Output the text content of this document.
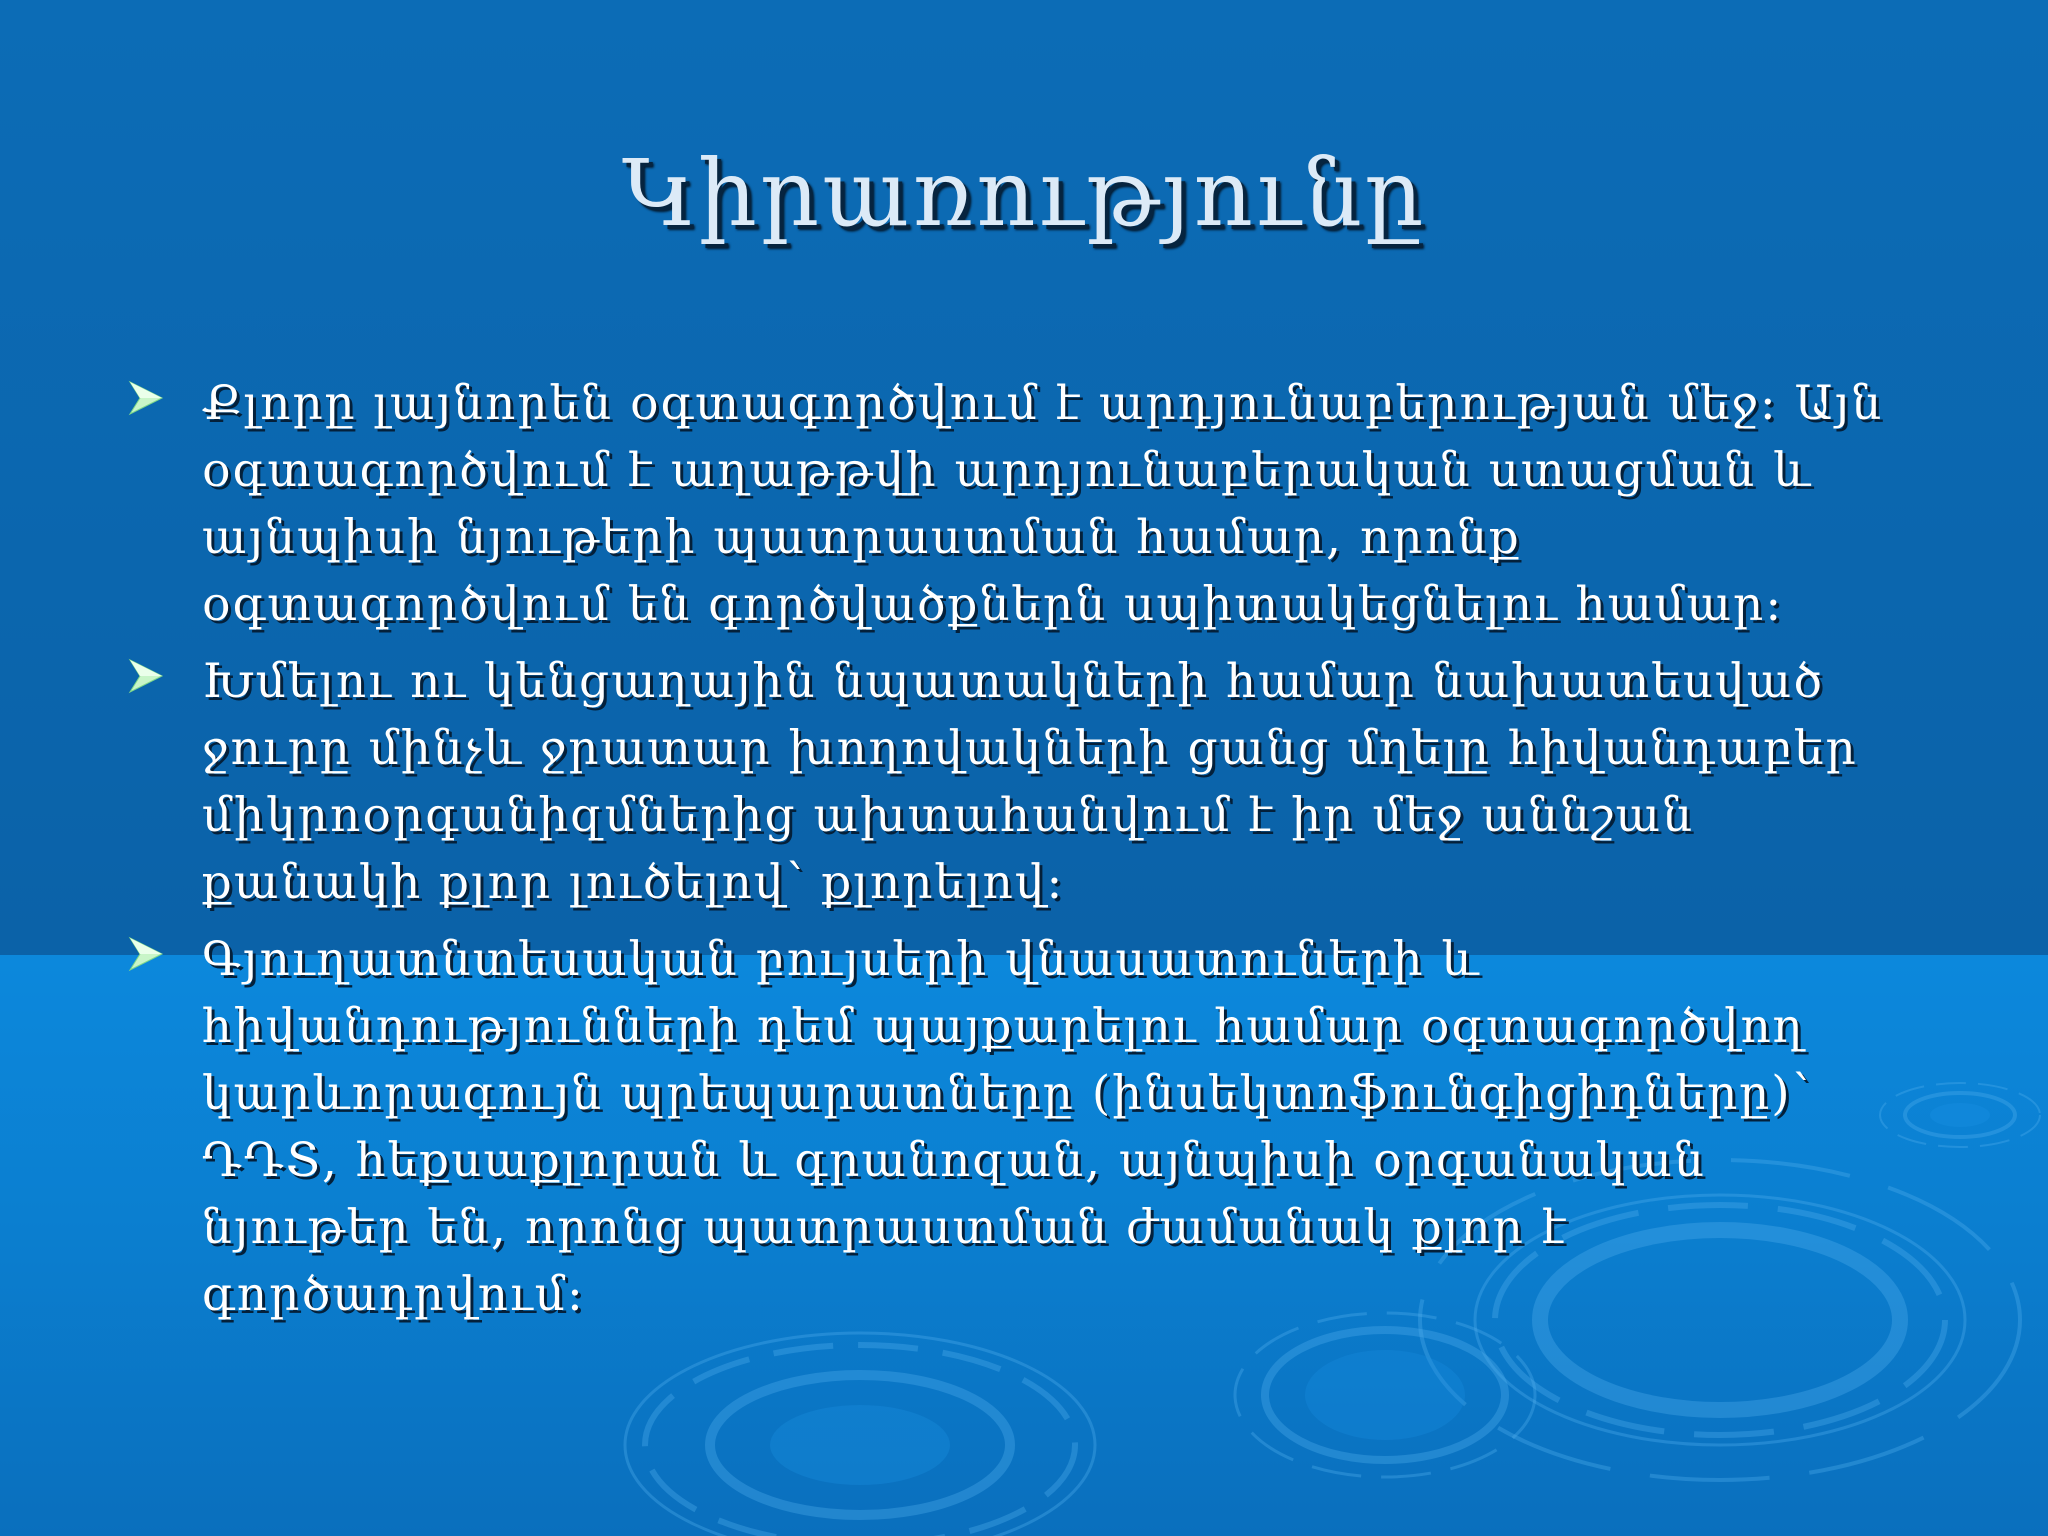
Կիրառությունը
Քլորը լայնորեն օգտագործվում է արդյունաբերության մեջ: Այն օգտագործվում է աղաթթվի արդյունաբերական ստացման և այնպիսի նյութերի պատրաստման համար, որոնք օգտագործվում են գործվածքներն սպիտակեցնելու համար:
Խմելու ու կենցաղային նպատակների համար նախատեսված ջուրը մինչև ջրատար խողովակների ցանց մղելը հիվանդաբեր միկրոօրգանիզմներից ախտահանվում է իր մեջ աննշան քանակի քլոր լուծելով՝ քլորելով:
Գյուղատնտեսական բույսերի վնասատուների և հիվանդությունների դեմ պայքարելու համար օգտագործվող կարևորագույն պրեպարատները (ինսեկտոֆունգիցիդները)՝ ԴԴՏ, հեքսաքլորան և գրանոզան, այնպիսի օրգանական նյութեր են, որոնց պատրաստման ժամանակ քլոր է գործադրվում:
